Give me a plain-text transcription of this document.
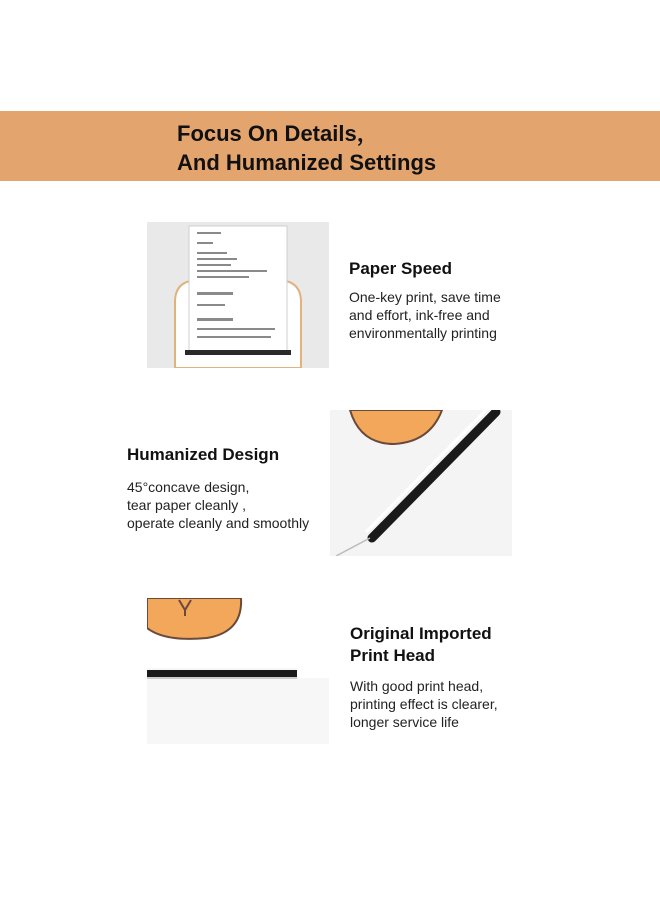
Focus On Details，
And Humanized Settings
Paper Speed

One-key print, save time
and effort, ink-free and
environmentally printing

Humanized Design

45°concave design,
tear paper cleanly ,
operate cleanly and smoothly

Original Imported
Print Head

With good print head,
printing effect is clearer,
longer service life
